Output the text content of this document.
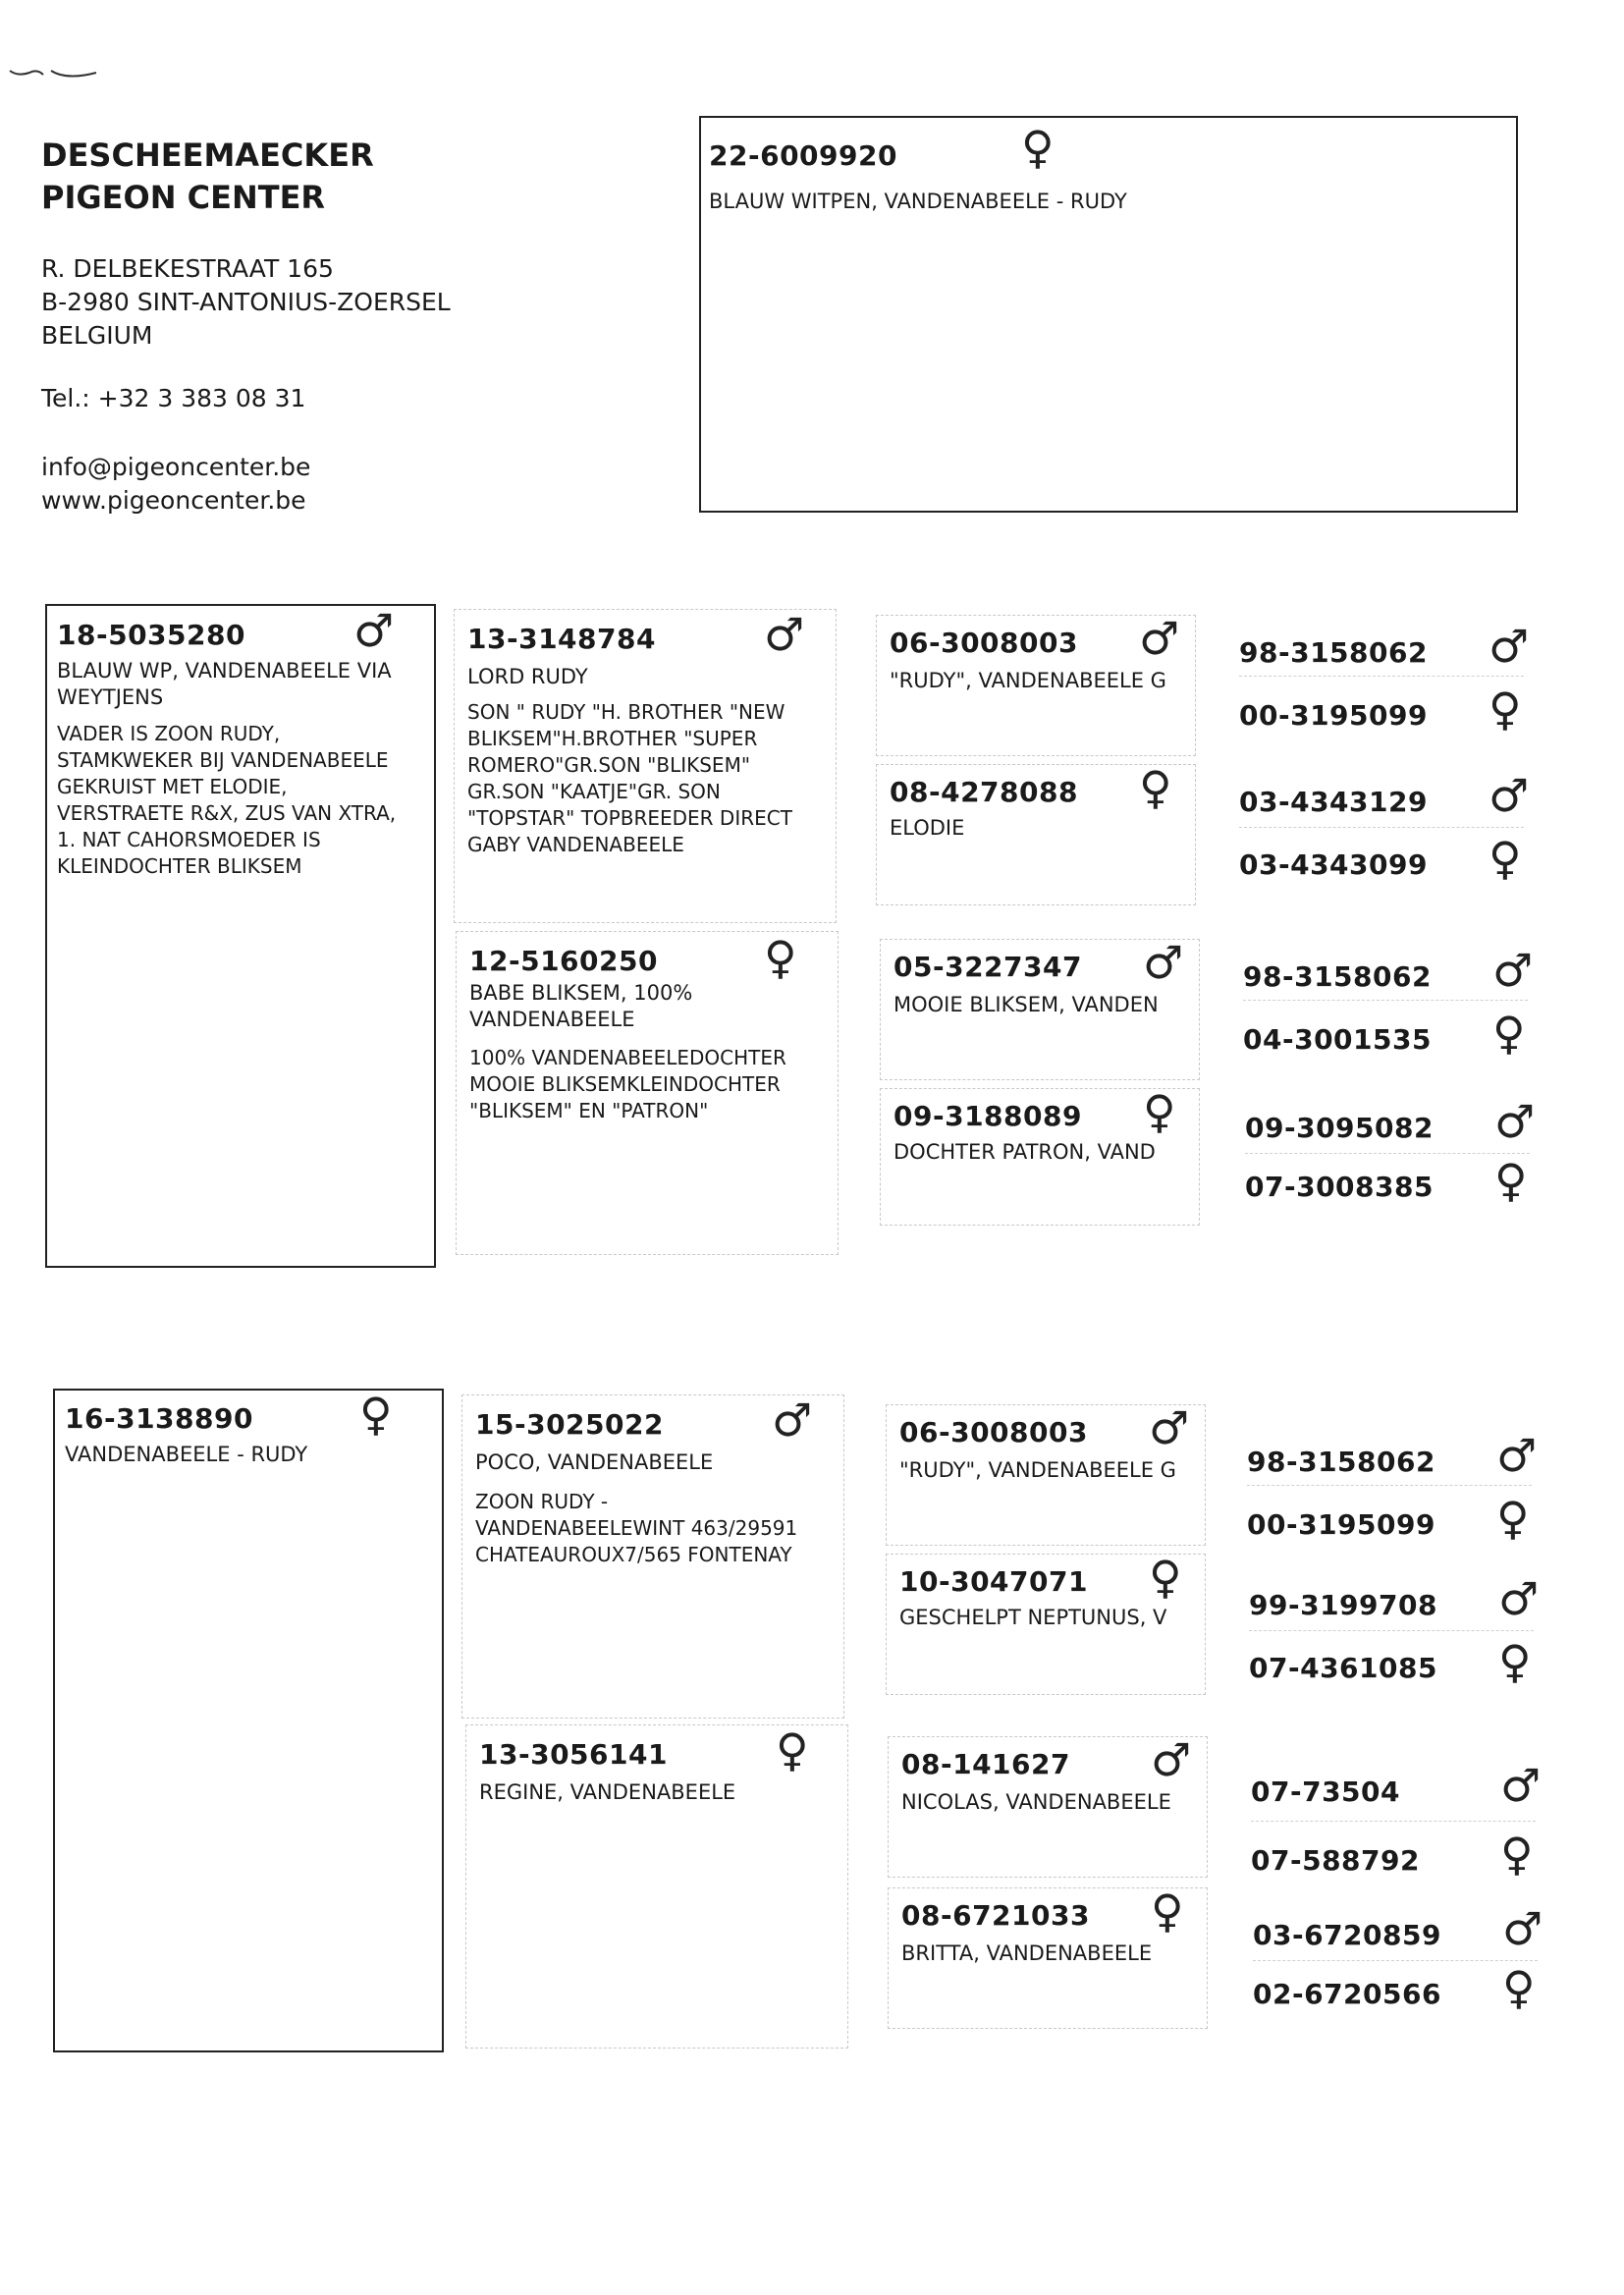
DESCHEEMAECKER
PIGEON CENTER
R. DELBEKESTRAAT 165
B-2980 SINT-ANTONIUS-ZOERSEL
BELGIUM
Tel.: +32 3 383 08 31
info@pigeoncenter.be
www.pigeoncenter.be
22-6009920	♀
BLAUW WITPEN, VANDENABEELE - RUDY
18-5035280 ♂
BLAUW WP, VANDENABEELE VIA WEYTJENS
VADER IS ZOON RUDY,
STAMKWEKER BIJ VANDENABEELE
GEKRUIST MET ELODIE,
VERSTRAETE R&X, ZUS VAN XTRA,
1. NAT CAHORSMOEDER IS
KLEINDOCHTER BLIKSEM
13-3148784 ♂
LORD RUDY
SON " RUDY "H. BROTHER "NEW
BLIKSEM"H.BROTHER "SUPER
ROMERO"GR.SON "BLIKSEM"
GR.SON "KAATJE"GR. SON
"TOPSTAR" TOPBREEDER DIRECT
GABY VANDENABEELE
12-5160250 ♀
BABE BLIKSEM, 100%
VANDENABEELE
100% VANDENABEELEDOCHTER
MOOIE BLIKSEMKLEINDOCHTER
"BLIKSEM" EN "PATRON"
06-3008003 ♂
"RUDY", VANDENABEELE G
08-4278088 ♀
ELODIE
05-3227347 ♂
MOOIE BLIKSEM, VANDEN
09-3188089 ♀
DOCHTER PATRON, VAND
98-3158062 ♂
00-3195099 ♀
03-4343129 ♂
03-4343099 ♀
98-3158062 ♂
04-3001535 ♀
09-3095082 ♂
07-3008385 ♀
16-3138890 ♀
VANDENABEELE - RUDY
15-3025022 ♂
POCO, VANDENABEELE
ZOON RUDY -
VANDENABEELEWINT 463/29591
CHATEAUROUX7/565 FONTENAY
13-3056141 ♀
REGINE, VANDENABEELE
06-3008003 ♂
"RUDY", VANDENABEELE G
10-3047071 ♀
GESCHELPT NEPTUNUS, V
08-141627 ♂
NICOLAS, VANDENABEELE
08-6721033 ♀
BRITTA, VANDENABEELE
98-3158062 ♂
00-3195099 ♀
99-3199708 ♂
07-4361085 ♀
07-73504 ♂
07-588792 ♀
03-6720859 ♂
02-6720566 ♀
